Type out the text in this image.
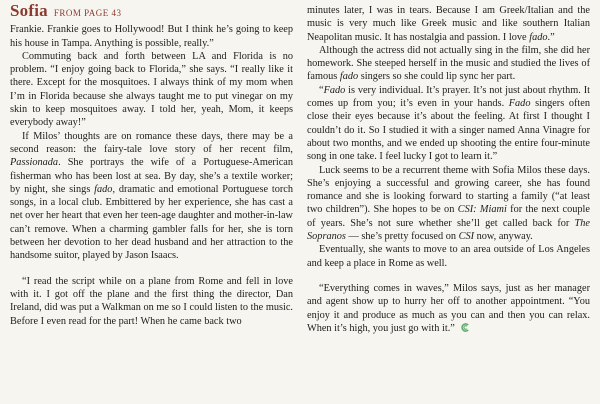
Sofia FROM PAGE 43

Frankie. Frankie goes to Hollywood! But I think he’s going to keep his house in Tampa. Anything is possible, really.”

Commuting back and forth between LA and Florida is no problem. “I enjoy going back to Florida,” she says. “I really like it there. Except for the mosquitoes. I always think of my mom when I’m in Florida because she always taught me to put vinegar on my skin to keep mosquitoes away. I told her, yeah, Mom, it keeps everybody away!”

If Milos’ thoughts are on romance these days, there may be a second reason: the fairy-tale love story of her recent film, Passionada. She portrays the wife of a Portuguese-American fisherman who has been lost at sea. By day, she’s a textile worker; by night, she sings fado, dramatic and emotional Portuguese torch songs, in a local club. Embittered by her experience, she has cast a net over her heart that even her teen-age daughter and mother-in-law can’t remove. When a charming gambler falls for her, she is torn between her devotion to her dead husband and her attraction to the handsome suitor, played by Jason Isaacs.

“I read the script while on a plane from Rome and fell in love with it. I got off the plane and the first thing the director, Dan Ireland, did was put a Walkman on me so I could listen to the music. Before I even read for the part! When he came back two

minutes later, I was in tears. Because I am Greek/Italian and the music is very much like Greek music and like southern Italian Neapolitan music. It has nostalgia and passion. I love fado.”

Although the actress did not actually sing in the film, she did her homework. She steeped herself in the music and studied the lives of famous fado singers so she could lip sync her part.

“Fado is very individual. It’s prayer. It’s not just about rhythm. It comes up from you; it’s even in your hands. Fado singers often close their eyes because it’s about the feeling. At first I thought I couldn’t do it. So I studied it with a singer named Anna Vinagre for about two months, and we ended up shooting the entire four-minute song in one take. I feel lucky I got to learn it.”

Luck seems to be a recurrent theme with Sofia Milos these days. She’s enjoying a successful and growing career, she has found romance and she is looking forward to starting a family (“at least two children”). She hopes to be on CSI: Miami for the next couple of years. She’s not sure whether she’ll get called back for The Sopranos — she’s pretty focused on CSI now, anyway.

Eventually, she wants to move to an area outside of Los Angeles and keep a place in Rome as well.

“Everything comes in waves,” Milos says, just as her manager and agent show up to hurry her off to another appointment. “You enjoy it and produce as much as you can and then you can relax. When it’s high, you just go with it.”
